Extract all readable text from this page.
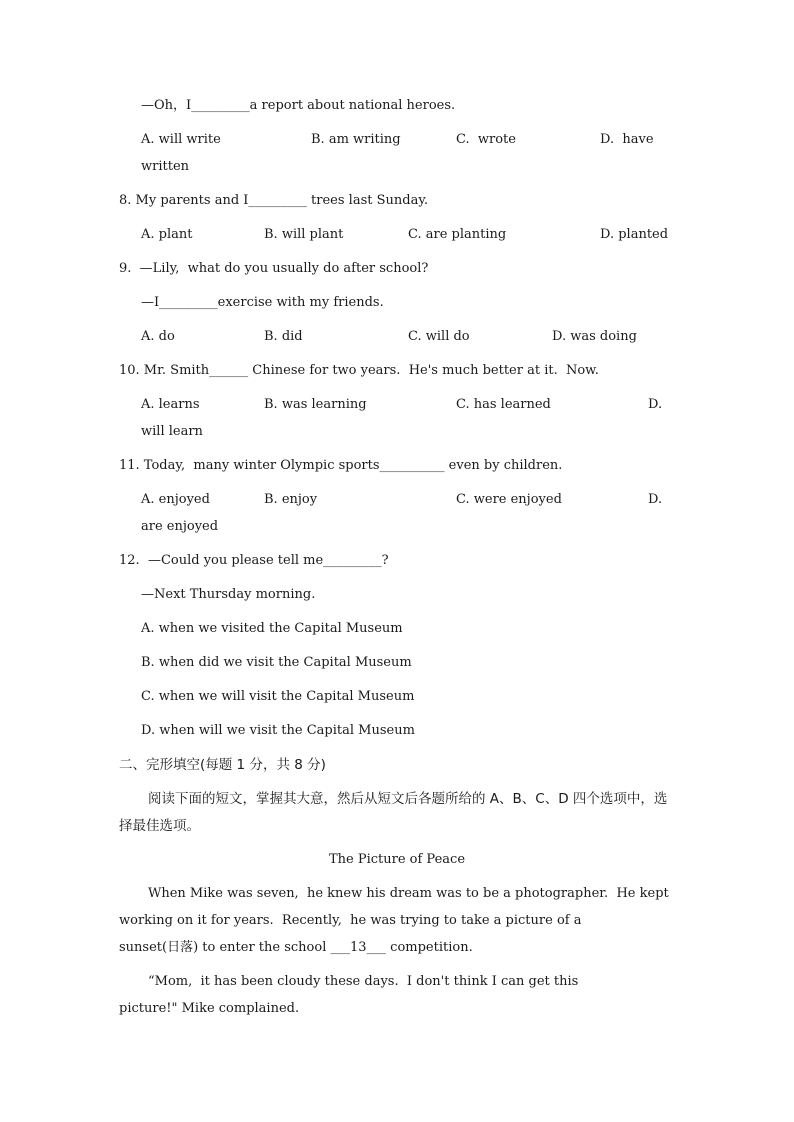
—Oh，I_________a report about national heroes.
A. will write	B. am writing	C.  wrote	D.  have
written
8. My parents and I_________ trees last Sunday.
A. plant	B. will plant	C. are planting	D. planted
9.  —Lily,  what do you usually do after school?
—I_________exercise with my friends.
A. do	B. did	C. will do	D. was doing
10. Mr. Smith______ Chinese for two years.  He's much better at it.  Now.
A. learns	B. was learning	C. has learned	D.
will learn
11. Today,  many winter Olympic sports__________ even by children.
A. enjoyed	B. enjoy	C. were enjoyed	D.
are enjoyed
12.  —Could you please tell me_________?
—Next Thursday morning.
A. when we visited the Capital Museum
B. when did we visit the Capital Museum
C. when we will visit the Capital Museum
D. when will we visit the Capital Museum
二、完形填空(每题 1 分，共 8 分)
阅读下面的短文，掌握其大意，然后从短文后各题所给的 A、B、C、D 四个选项中，选
择最佳选项。
The Picture of Peace
When Mike was seven,  he knew his dream was to be a photographer.  He kept
working on it for years.  Recently,  he was trying to take a picture of a
sunset(日落) to enter the school ___13___ competition.
“Mom,  it has been cloudy these days.  I don't think I can get this
picture!" Mike complained.
